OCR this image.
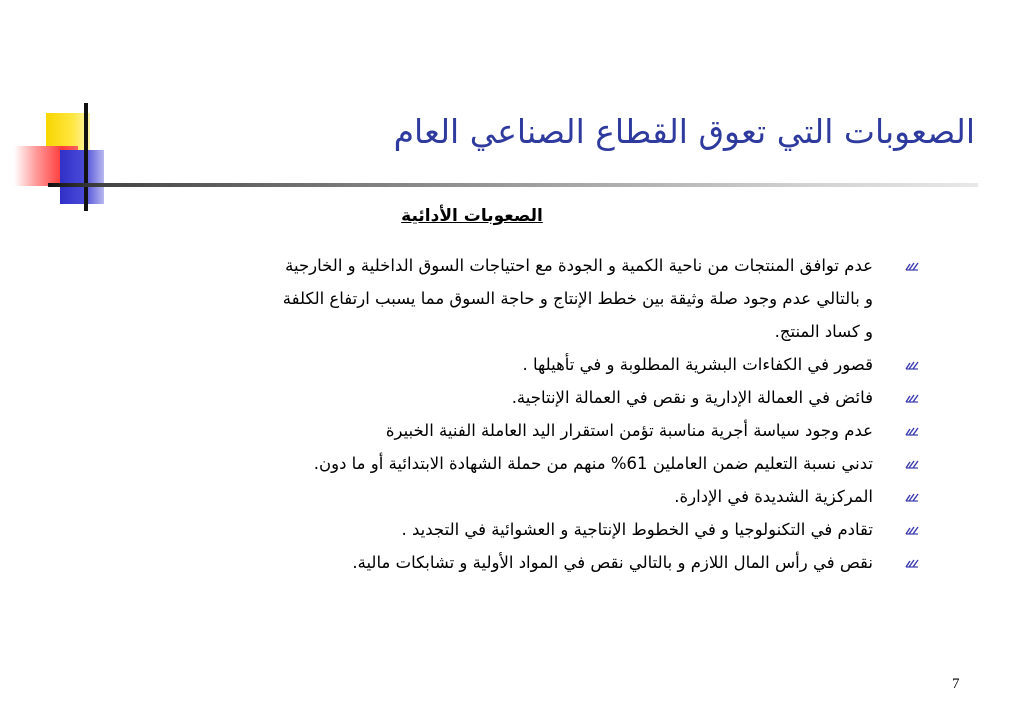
الصعوبات التي تعوق القطاع الصناعي العام
الصعوبات الأدائية
عدم توافق المنتجات من ناحية الكمية و الجودة مع احتياجات السوق الداخلية و الخارجية
و بالتالي عدم وجود صلة وثيقة بين خطط الإنتاج و حاجة السوق مما يسبب ارتفاع الكلفة
و كساد المنتج.
قصور في الكفاءات البشرية المطلوبة و في تأهيلها .
فائض في العمالة الإدارية و نقص في العمالة الإنتاجية.
عدم وجود سياسة أجرية مناسبة تؤمن استقرار اليد العاملة الفنية الخبيرة
تدني نسبة التعليم ضمن العاملين 61% منهم من حملة الشهادة الابتدائية أو ما دون.
المركزية الشديدة في الإدارة.
تقادم في التكنولوجيا و في الخطوط الإنتاجية و العشوائية في التجديد .
نقص في رأس المال اللازم و بالتالي نقص في المواد الأولية و تشابكات مالية.
7
